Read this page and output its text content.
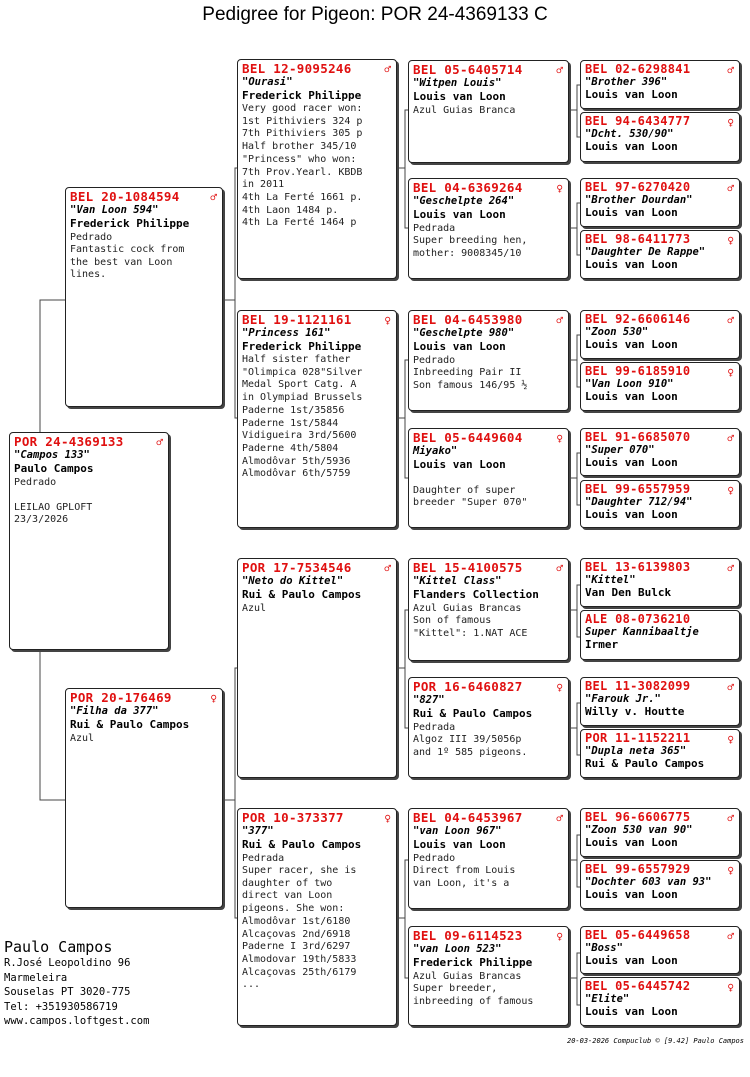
Pedigree for Pigeon: POR 24-4369133 C
POR 24-4369133	♂
"Campos 133"
Paulo Campos
Pedrado

LEILAO GPLOFT
23/3/2026
BEL 20-1084594	♂
"Van Loon 594"
Frederick Philippe
Pedrado
Fantastic cock from
the best van Loon
lines.
POR 20-176469	♀
"Filha da 377"
Rui & Paulo Campos
Azul
BEL 12-9095246	♂
"Ourasi"
Frederick Philippe
Very good racer won:
1st Pithiviers 324 p
7th Pithiviers 305 p
Half brother 345/10
"Princess" who won:
7th Prov.Yearl. KBDB
in 2011
4th La Ferté 1661 p.
4th Laon 1484 p.
4th La Ferté 1464 p
BEL 19-1121161	♀
"Princess 161"
Frederick Philippe
Half sister father
"Olimpica 028"Silver
Medal Sport Catg. A
in Olympiad Brussels
Paderne 1st/35856
Paderne 1st/5844
Vidigueira 3rd/5600
Paderne 4th/5804
Almodôvar 5th/5936
Almodôvar 6th/5759
POR 17-7534546	♂
"Neto do Kittel"
Rui & Paulo Campos
Azul
POR 10-373377	♀
"377"
Rui & Paulo Campos
Pedrada
Super racer, she is
daughter of two
direct van Loon
pigeons. She won:
Almodôvar 1st/6180
Alcaçovas 2nd/6918
Paderne I 3rd/6297
Almodovar 19th/5833
Alcaçovas 25th/6179
...
BEL 05-6405714	♂
"Witpen Louis"
Louis van Loon
Azul Guias Branca
BEL 04-6369264	♀
"Geschelpte 264"
Louis van Loon
Pedrada
Super breeding hen,
mother: 9008345/10
BEL 04-6453980	♂
"Geschelpte 980"
Louis van Loon
Pedrado
Inbreeding Pair II
Son famous 146/95 ½
BEL 05-6449604	♀
Miyako"
Louis van Loon

Daughter of super
breeder "Super 070"
BEL 15-4100575	♂
"Kittel Class"
Flanders Collection
Azul Guias Brancas
Son of famous
"Kittel": 1.NAT ACE
POR 16-6460827	♀
"827"
Rui & Paulo Campos
Pedrada
Algoz III 39/5056p
and 1º 585 pigeons.
BEL 04-6453967	♂
"van Loon 967"
Louis van Loon
Pedrado
Direct from Louis
van Loon, it's a
BEL 09-6114523	♀
"van Loon 523"
Frederick Philippe
Azul Guias Brancas
Super breeder,
inbreeding of famous
BEL 02-6298841	♂
"Brother 396"
Louis van Loon
BEL 94-6434777	♀
"Dcht. 530/90"
Louis van Loon
BEL 97-6270420	♂
"Brother Dourdan"
Louis van Loon
BEL 98-6411773	♀
"Daughter De Rappe"
Louis van Loon
BEL 92-6606146	♂
"Zoon 530"
Louis van Loon
BEL 99-6185910	♀
"Van Loon 910"
Louis van Loon
BEL 91-6685070	♂
"Super 070"
Louis van Loon
BEL 99-6557959	♀
"Daughter 712/94"
Louis van Loon
BEL 13-6139803	♂
"Kittel"
Van Den Bulck
ALE 08-0736210
Super Kannibaaltje
Irmer
BEL 11-3082099	♂
"Farouk Jr."
Willy v. Houtte
POR 11-1152211	♀
"Dupla neta 365"
Rui & Paulo Campos
BEL 96-6606775	♂
"Zoon 530 van 90"
Louis van Loon
BEL 99-6557929	♀
"Dochter 603 van 93"
Louis van Loon
BEL 05-6449658	♂
"Boss"
Louis van Loon
BEL 05-6445742	♀
"Elite"
Louis van Loon
Paulo Campos
R.José Leopoldino 96
Marmeleira
Souselas PT 3020-775
Tel: +351930586719
www.campos.loftgest.com
20-03-2026 Compuclub © [9.42] Paulo Campos
